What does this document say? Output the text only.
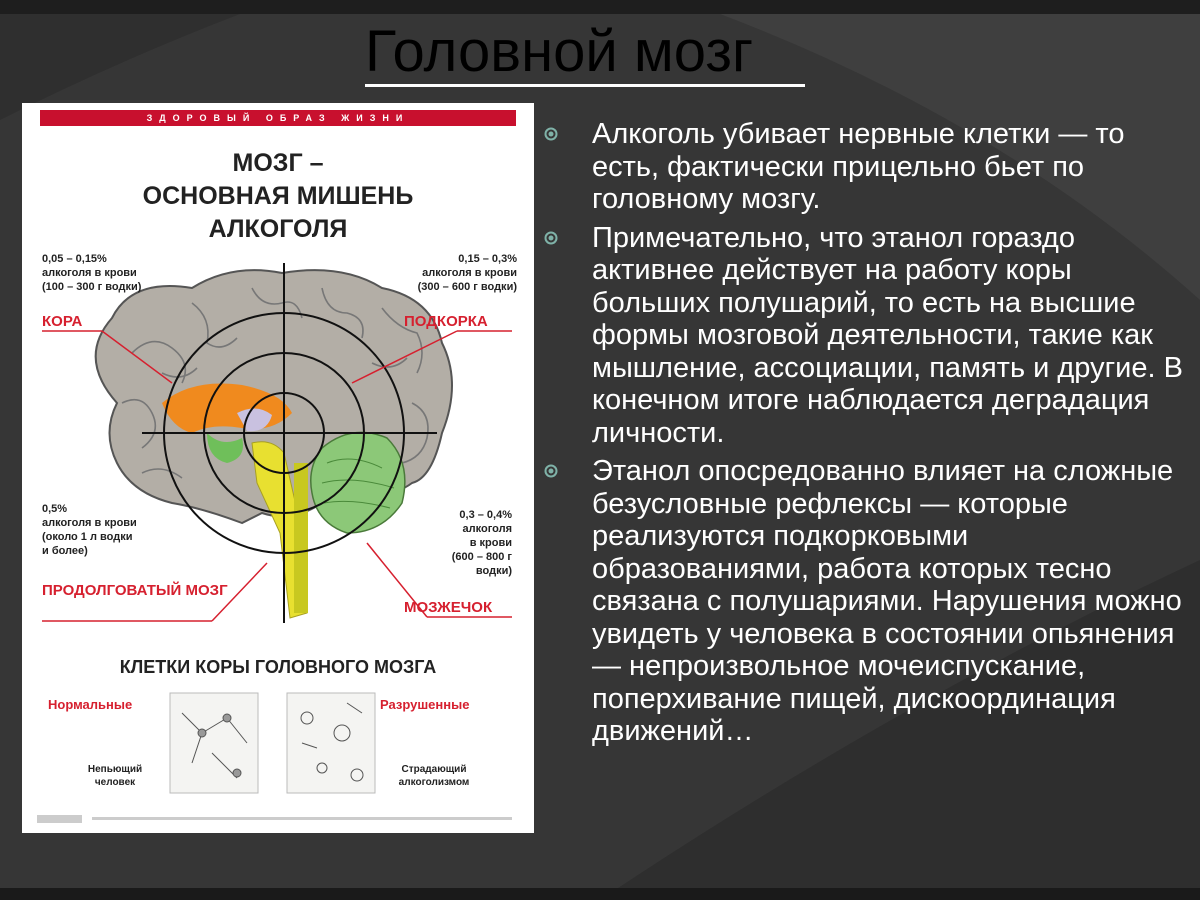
Головной мозг
ЗДОРОВЫЙ ОБРАЗ ЖИЗНИ
МОЗГ –
ОСНОВНАЯ МИШЕНЬ
АЛКОГОЛЯ
0,05 – 0,15%
алкоголя в крови
(100 – 300 г водки)
КОРА
0,15 – 0,3%
алкоголя в крови
(300 – 600 г водки)
ПОДКОРКА
0,5%
алкоголя в крови
(около 1 л водки
и более)
ПРОДОЛГОВАТЫЙ МОЗГ
0,3 – 0,4%
алкоголя
в крови
(600 – 800 г
водки)
МОЗЖЕЧОК
КЛЕТКИ КОРЫ ГОЛОВНОГО МОЗГА
Нормальные	Разрушенные
Непьющий
человек
Страдающий
алкоголизмом
Алкоголь убивает нервные клетки — то есть, фактически прицельно бьет по головному мозгу.
Примечательно, что этанол гораздо активнее действует на работу коры больших полушарий, то есть на высшие формы мозговой деятельности, такие как мышление, ассоциации, память и другие. В конечном итоге наблюдается деградация личности.
Этанол опосредованно влияет на сложные безусловные рефлексы — которые реализуются подкорковыми образованиями, работа которых тесно связана с полушариями. Нарушения можно увидеть у человека в состоянии опьянения — непроизвольное мочеиспускание, поперхивание пищей, дискоординация движений…
